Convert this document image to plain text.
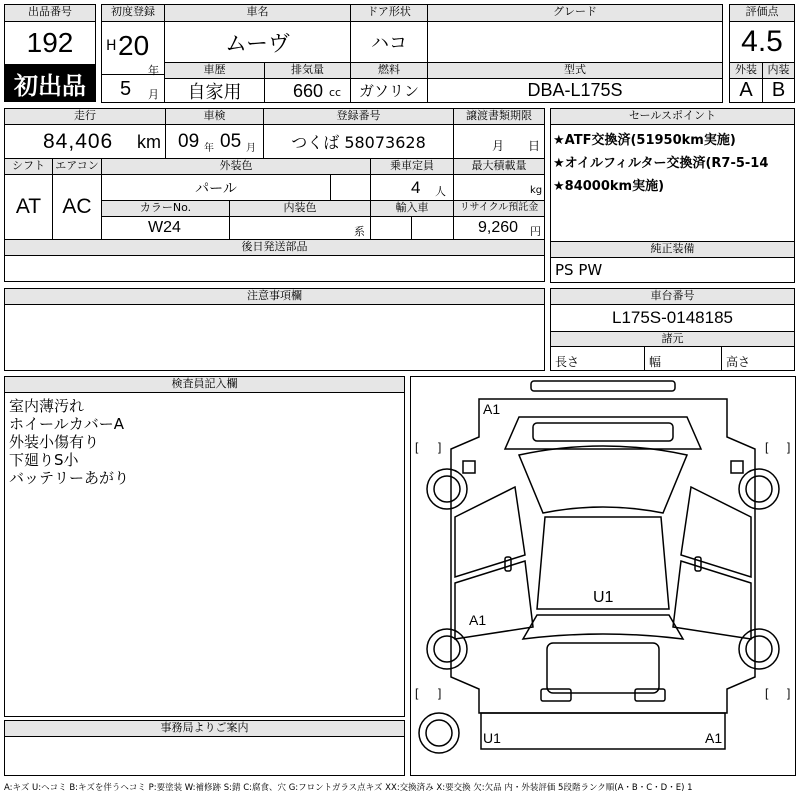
出品番号
192
初出品
初度登録
H 20
年
5 月
車名
ムーヴ
ドア形状
ハコ
グレード	評価点
4.5
外装 内装
A B
車歴
自家用
排気量
660 cc
燃料
ガソリン
型式
DBA-L175S
走行
84,406 km
車検
09 年 05 月
登録番号
つくば 58073628
譲渡書類期限
月 日
シフト
AT
エアコン
AC
外装色
パール
乗車定員
4 人
最大積載量
kg
カラーNo.
W24
内装色
系
輸入車	リサイクル預託金
9,260 円
後日発送部品
セールスポイント
★ATF交換済(51950km実施)
★オイルフィルター交換済(R7-5-14
★84000km実施)
純正装備
PS PW
注意事項欄	車台番号
L175S-0148185
諸元
長さ	幅	高さ
検査員記入欄
室内薄汚れ
ホイールカバーA
外装小傷有り
下廻りS小
バッテリーあがり
事務局よりご案内
[ ]	[ ]
[ ]	[ ]
A1
U1
A1
U1	A1
A:キズ U:ヘコミ B:キズを伴うヘコミ P:要塗装 W:補修跡 S:錆 C:腐食、穴 G:フロントガラス点キズ XX:交換済み X:要交換 欠:欠品 内・外装評価 5段階ランク順(A・B・C・D・E) 1
